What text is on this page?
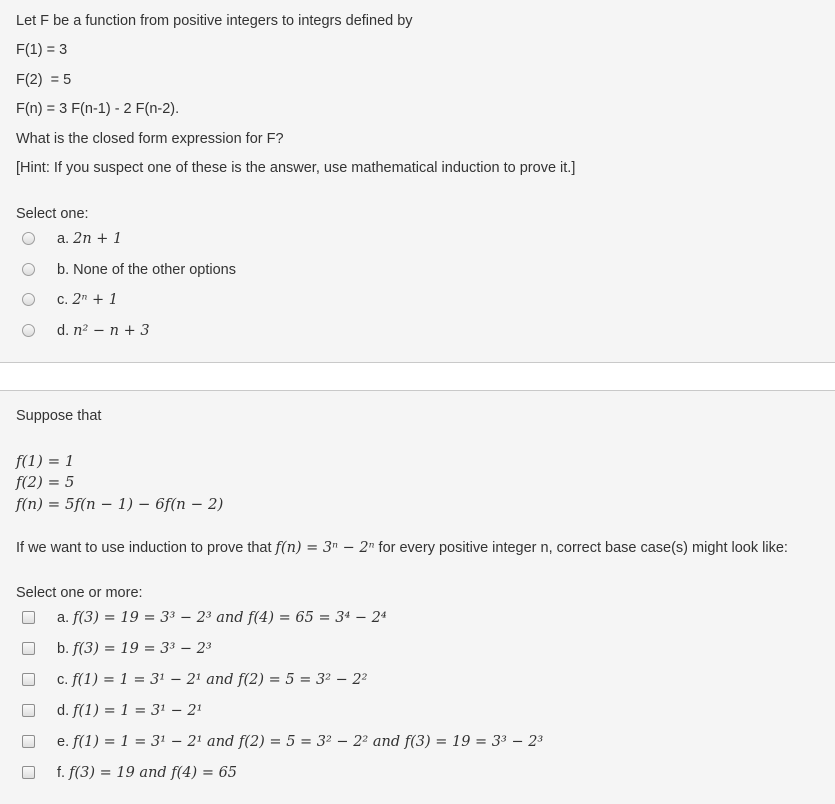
Let F be a function from positive integers to integrs defined by
F(1) = 3
F(2)  = 5
F(n) = 3 F(n-1) - 2 F(n-2).
What is the closed form expression for F?
[Hint: If you suspect one of these is the answer, use mathematical induction to prove it.]
Select one:
a. 2n + 1
b. None of the other options
c. 2ⁿ + 1
d. n² − n + 3
Suppose that
f(1) = 1
f(2) = 5
f(n) = 5f(n − 1) − 6f(n − 2)
If we want to use induction to prove that f(n) = 3ⁿ − 2ⁿ for every positive integer n, correct base case(s) might look like:
Select one or more:
a. f(3) = 19 = 3³ − 2³ and f(4) = 65 = 3⁴ − 2⁴
b. f(3) = 19 = 3³ − 2³
c. f(1) = 1 = 3¹ − 2¹ and f(2) = 5 = 3² − 2²
d. f(1) = 1 = 3¹ − 2¹
e. f(1) = 1 = 3¹ − 2¹ and f(2) = 5 = 3² − 2² and f(3) = 19 = 3³ − 2³
f. f(3) = 19 and f(4) = 65
